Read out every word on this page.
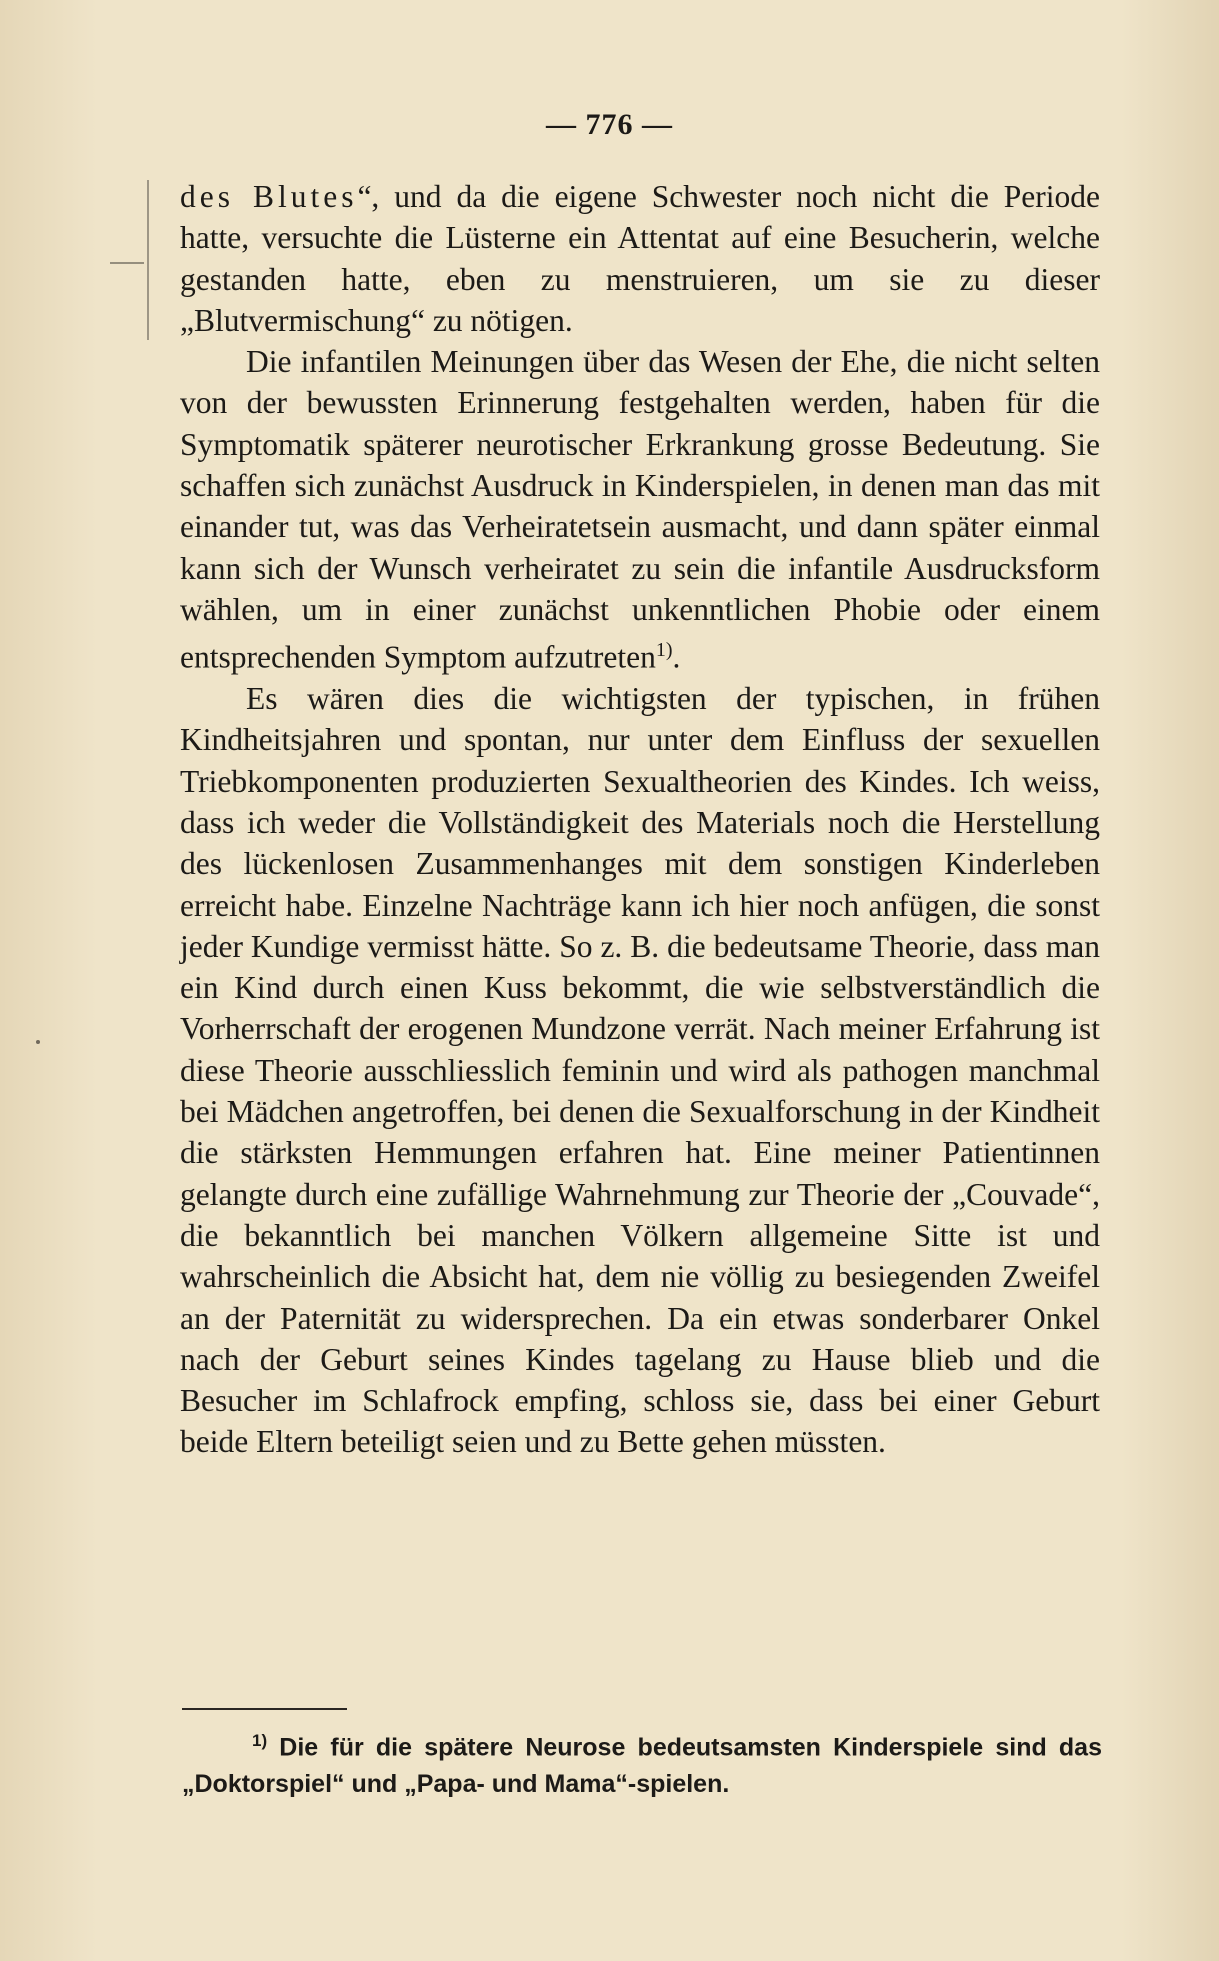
— 776 —

des Blutes“, und da die eigene Schwester noch nicht die Periode hatte, versuchte die Lüsterne ein Attentat auf eine Besucherin, welche gestanden hatte, eben zu menstruieren, um sie zu dieser „Blutvermischung“ zu nötigen.

Die infantilen Meinungen über das Wesen der Ehe, die nicht selten von der bewussten Erinnerung festgehalten werden, haben für die Symptomatik späterer neurotischer Erkrankung grosse Bedeutung. Sie schaffen sich zunächst Ausdruck in Kinderspielen, in denen man das mit einander tut, was das Verheiratetsein ausmacht, und dann später einmal kann sich der Wunsch verheiratet zu sein die infantile Ausdrucksform wählen, um in einer zunächst unkenntlichen Phobie oder einem entsprechenden Symptom aufzutreten$^{1)}$.

Es wären dies die wichtigsten der typischen, in frühen Kindheitsjahren und spontan, nur unter dem Einfluss der sexuellen Triebkomponenten produzierten Sexualtheorien des Kindes. Ich weiss, dass ich weder die Vollständigkeit des Materials noch die Herstellung des lückenlosen Zusammenhanges mit dem sonstigen Kinderleben erreicht habe. Einzelne Nachträge kann ich hier noch anfügen, die sonst jeder Kundige vermisst hätte. So z. B. die bedeutsame Theorie, dass man ein Kind durch einen Kuss bekommt, die wie selbstverständlich die Vorherrschaft der erogenen Mundzone verrät. Nach meiner Erfahrung ist diese Theorie ausschliesslich feminin und wird als pathogen manchmal bei Mädchen angetroffen, bei denen die Sexualforschung in der Kindheit die stärksten Hemmungen erfahren hat. Eine meiner Patientinnen gelangte durch eine zufällige Wahrnehmung zur Theorie der „Couvade“, die bekanntlich bei manchen Völkern allgemeine Sitte ist und wahrscheinlich die Absicht hat, dem nie völlig zu besiegenden Zweifel an der Paternität zu widersprechen. Da ein etwas sonderbarer Onkel nach der Geburt seines Kindes tagelang zu Hause blieb und die Besucher im Schlafrock empfing, schloss sie, dass bei einer Geburt beide Eltern beteiligt seien und zu Bette gehen müssten.

$^{1)}$ Die für die spätere Neurose bedeutsamsten Kinderspiele sind das „Doktorspiel“ und „Papa- und Mama“-spielen.
